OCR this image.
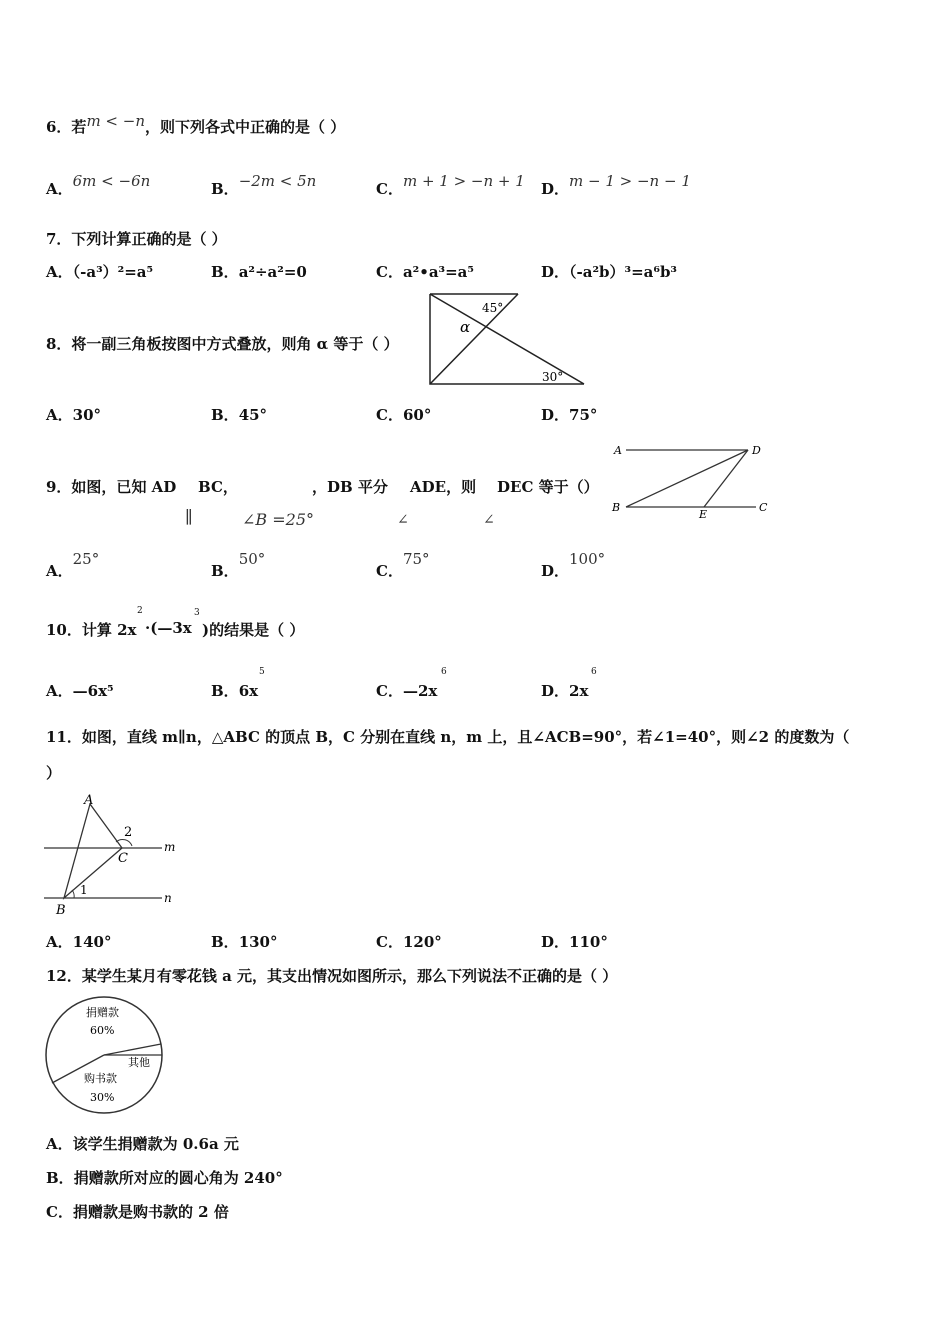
6．若m < −n，则下列各式中正确的是（ ）
A．6m < −6n	B．−2m < 5n	C．m + 1 > −n + 1 D．m − 1 > −n − 1
7．下列计算正确的是（ ）
A．（-a³）²=a⁵	B．a²÷a²=0	C．a²•a³=a⁵	D．（-a²b）³=a⁶b³
8．将一副三角板按图中方式叠放，则角 α 等于（ ）
45°
α
30°
A．30°	B．45°	C．60°	D．75°
9．如图，已知 AD BC，	，DB 平分 ADE，则 DEC 等于（）
∥	∠B =25°	∠	∠
A	D
B
E
C
A．25°
B．50°
C．75°
D．100°
10．计算 2x
2
·(—3x
3
)的结果是（ ）
A．—6x⁵	B．6x
5
C．—2x
6
D．2x
6
11．如图，直线 m∥n，△ABC 的顶点 B，C 分别在直线 n，m 上，且∠ACB=90°，若∠1=40°，则∠2 的度数为（
）
A
B
C
2
1
m
n
A．140°	B．130°	C．120°	D．110°
12．某学生某月有零花钱 a 元，其支出情况如图所示，那么下列说法不正确的是（ ）
捐赠款
60%
其他
购书款
30%
A．该学生捐赠款为 0.6a 元
B．捐赠款所对应的圆心角为 240°
C．捐赠款是购书款的 2 倍
